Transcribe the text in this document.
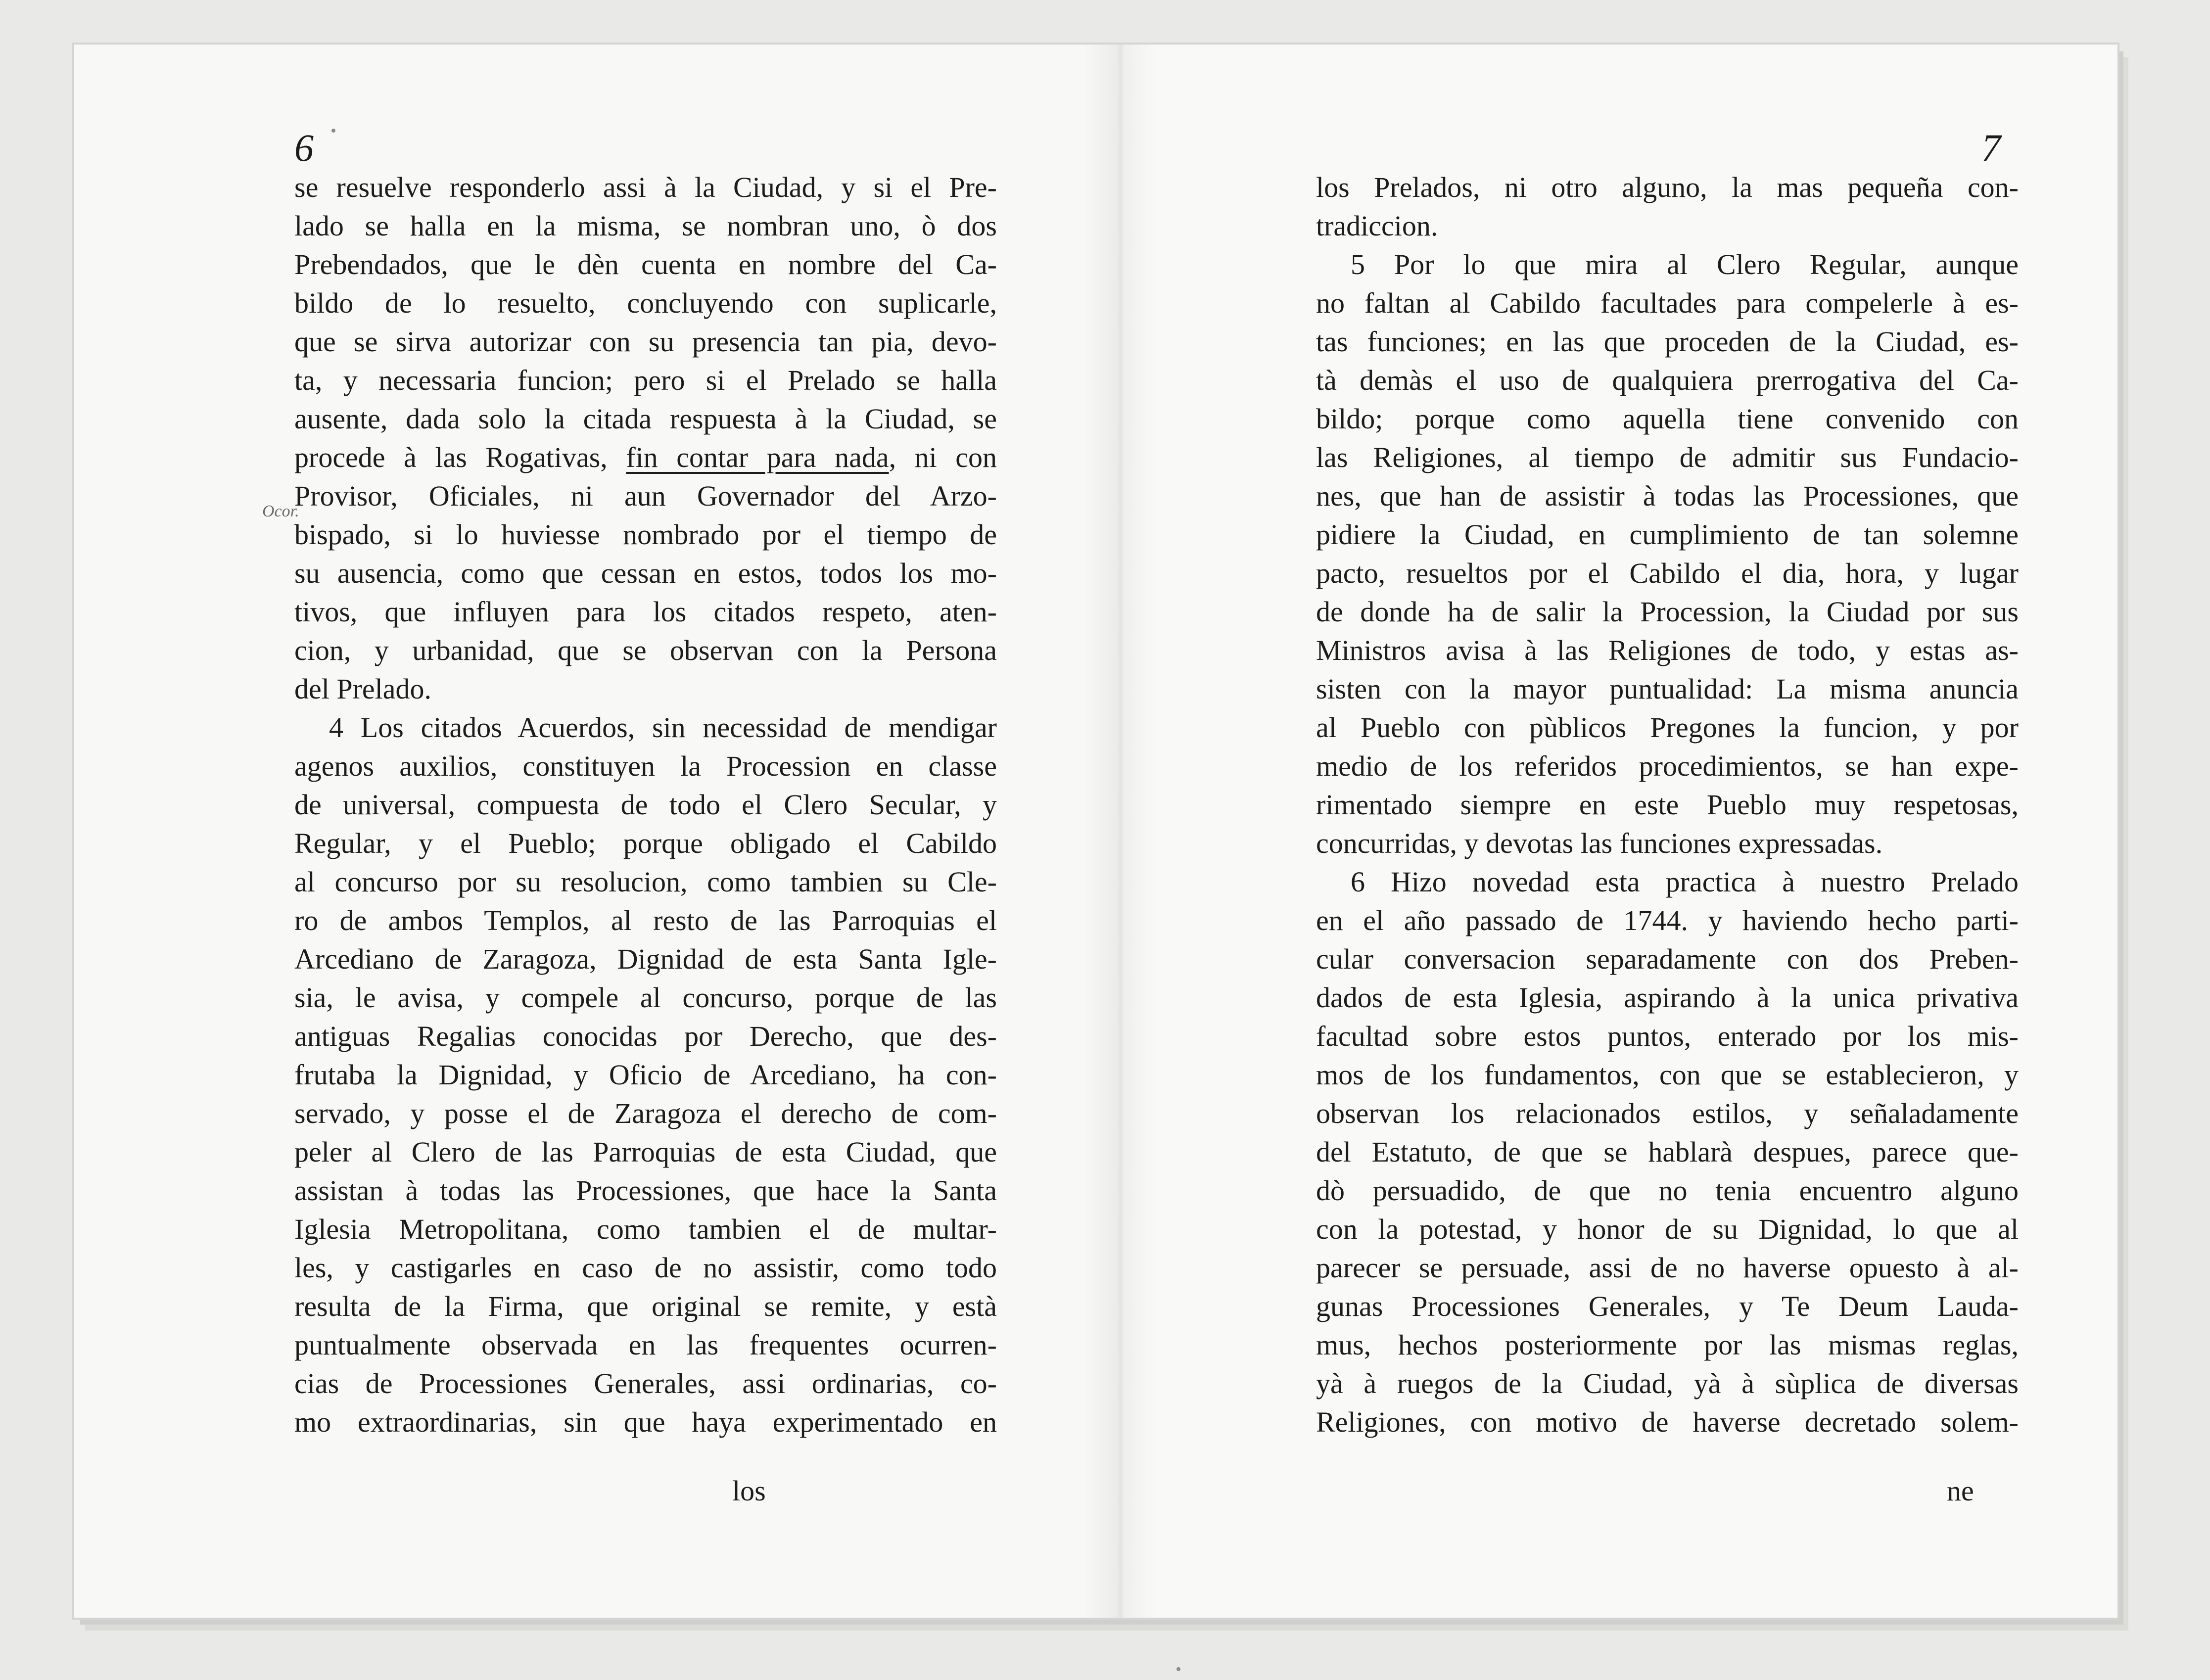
6
Ocor.
se resuelve responderlo assi à la Ciudad, y si el Pre-
lado se halla en la misma, se nombran uno, ò dos
Prebendados, que le dèn cuenta en nombre del Ca-
bildo de lo resuelto, concluyendo con suplicarle,
que se sirva autorizar con su presencia tan pia, devo-
ta, y necessaria funcion; pero si el Prelado se halla
ausente, dada solo la citada respuesta à la Ciudad, se
procede à las Rogativas, fin contar para nada, ni con
Provisor, Oficiales, ni aun Governador del Arzo-
bispado, si lo huviesse nombrado por el tiempo de
su ausencia, como que cessan en estos, todos los mo-
tivos, que influyen para los citados respeto, aten-
cion, y urbanidad, que se observan con la Persona
del Prelado.
4 Los citados Acuerdos, sin necessidad de mendigar
agenos auxilios, constituyen la Procession en classe
de universal, compuesta de todo el Clero Secular, y
Regular, y el Pueblo; porque obligado el Cabildo
al concurso por su resolucion, como tambien su Cle-
ro de ambos Templos, al resto de las Parroquias el
Arcediano de Zaragoza, Dignidad de esta Santa Igle-
sia, le avisa, y compele al concurso, porque de las
antiguas Regalias conocidas por Derecho, que des-
frutaba la Dignidad, y Oficio de Arcediano, ha con-
servado, y posse el de Zaragoza el derecho de com-
peler al Clero de las Parroquias de esta Ciudad, que
assistan à todas las Processiones, que hace la Santa
Iglesia Metropolitana, como tambien el de multar-
les, y castigarles en caso de no assistir, como todo
resulta de la Firma, que original se remite, y està
puntualmente observada en las frequentes ocurren-
cias de Processiones Generales, assi ordinarias, co-
mo extraordinarias, sin que haya experimentado en
los
7
los Prelados, ni otro alguno, la mas pequeña con-
tradiccion.
5 Por lo que mira al Clero Regular, aunque
no faltan al Cabildo facultades para compelerle à es-
tas funciones; en las que proceden de la Ciudad, es-
tà demàs el uso de qualquiera prerrogativa del Ca-
bildo; porque como aquella tiene convenido con
las Religiones, al tiempo de admitir sus Fundacio-
nes, que han de assistir à todas las Processiones, que
pidiere la Ciudad, en cumplimiento de tan solemne
pacto, resueltos por el Cabildo el dia, hora, y lugar
de donde ha de salir la Procession, la Ciudad por sus
Ministros avisa à las Religiones de todo, y estas as-
sisten con la mayor puntualidad: La misma anuncia
al Pueblo con pùblicos Pregones la funcion, y por
medio de los referidos procedimientos, se han expe-
rimentado siempre en este Pueblo muy respetosas,
concurridas, y devotas las funciones expressadas.
6 Hizo novedad esta practica à nuestro Prelado
en el año passado de 1744. y haviendo hecho parti-
cular conversacion separadamente con dos Preben-
dados de esta Iglesia, aspirando à la unica privativa
facultad sobre estos puntos, enterado por los mis-
mos de los fundamentos, con que se establecieron, y
observan los relacionados estilos, y señaladamente
del Estatuto, de que se hablarà despues, parece que-
dò persuadido, de que no tenia encuentro alguno
con la potestad, y honor de su Dignidad, lo que al
parecer se persuade, assi de no haverse opuesto à al-
gunas Processiones Generales, y Te Deum Lauda-
mus, hechos posteriormente por las mismas reglas,
yà à ruegos de la Ciudad, yà à sùplica de diversas
Religiones, con motivo de haverse decretado solem-
ne
